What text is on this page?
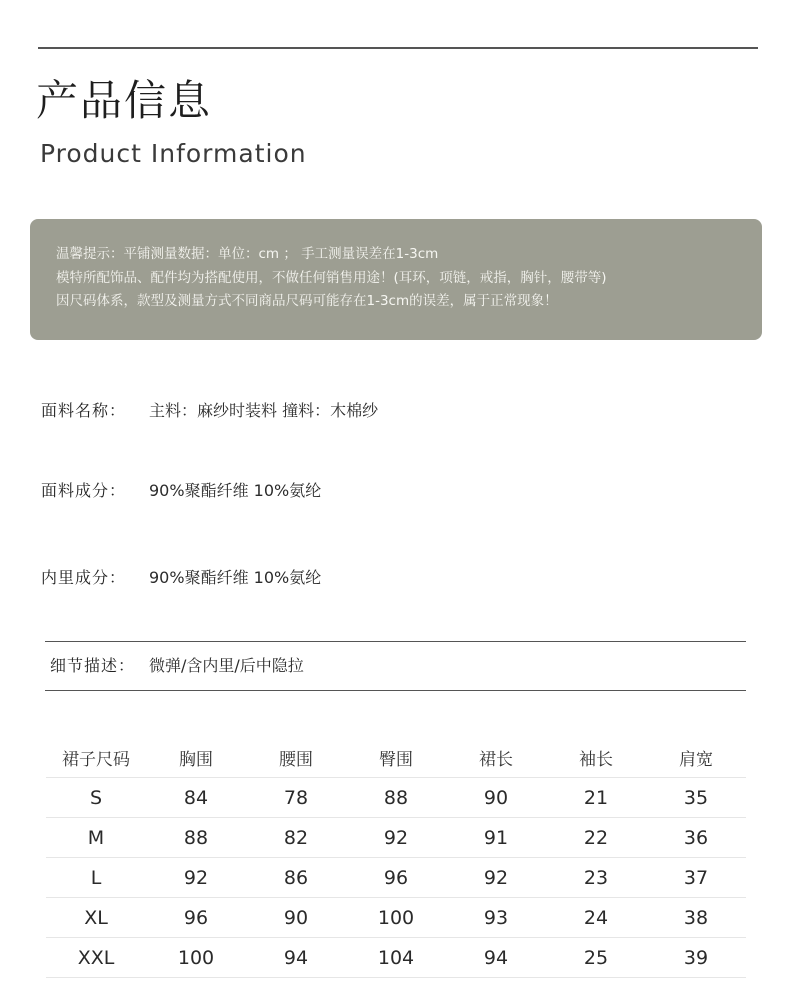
产品信息
Product Information
温馨提示：平铺测量数据：单位：cm ； 手工测量误差在1-3cm
模特所配饰品、配件均为搭配使用，不做任何销售用途！(耳环，项链，戒指，胸针，腰带等)
因尺码体系，款型及测量方式不同商品尺码可能存在1-3cm的误差，属于正常现象！
面料名称： 主料：麻纱时装料 撞料：木棉纱
面料成分： 90%聚酯纤维 10%氨纶
内里成分： 90%聚酯纤维 10%氨纶
细节描述： 微弹/含内里/后中隐拉
裙子尺码	胸围	腰围	臀围	裙长	袖长	肩宽
S	84	78	88	90	21	35
M	88	82	92	91	22	36
L	92	86	96	92	23	37
XL	96	90	100	93	24	38
XXL	100	94	104	94	25	39
